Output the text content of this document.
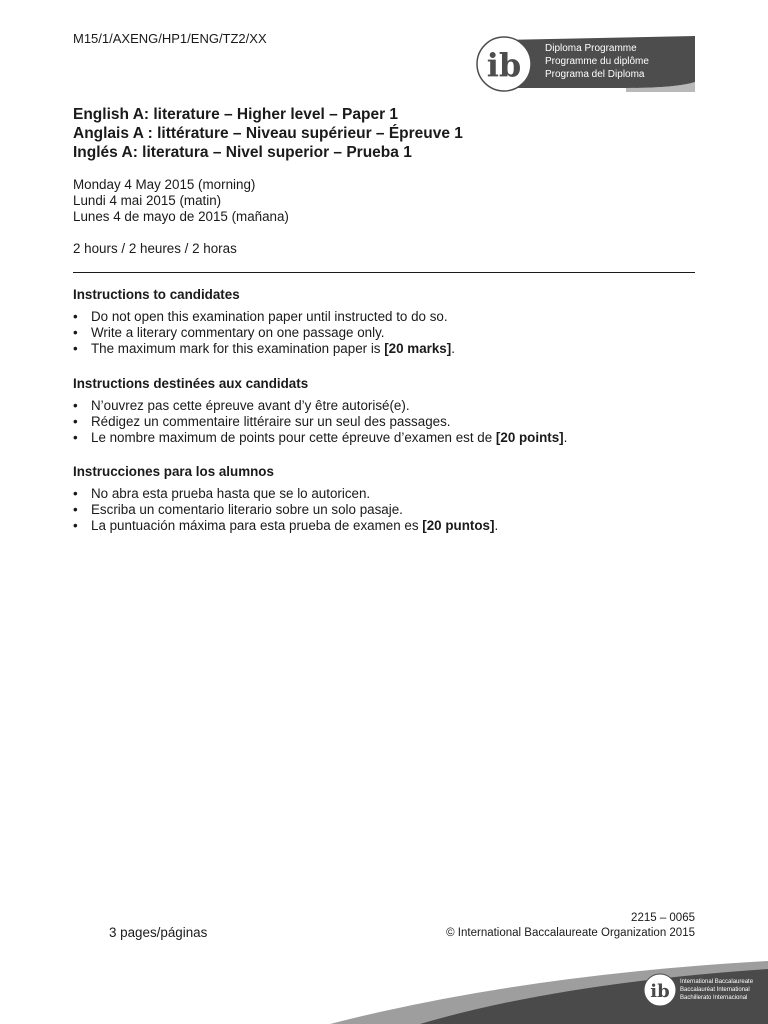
M15/1/AXENG/HP1/ENG/TZ2/XX
ib Diploma Programme
Programme du diplôme
Programa del Diploma
English A: literature – Higher level – Paper 1
Anglais A : littérature – Niveau supérieur – Épreuve 1
Inglés A: literatura – Nivel superior – Prueba 1
Monday 4 May 2015 (morning)
Lundi 4 mai 2015 (matin)
Lunes 4 de mayo de 2015 (mañana)
2 hours / 2 heures / 2 horas
Instructions to candidates
• Do not open this examination paper until instructed to do so.
• Write a literary commentary on one passage only.
• The maximum mark for this examination paper is [20 marks].
Instructions destinées aux candidats
• N’ouvrez pas cette épreuve avant d’y être autorisé(e).
• Rédigez un commentaire littéraire sur un seul des passages.
• Le nombre maximum de points pour cette épreuve d’examen est de [20 points].
Instrucciones para los alumnos
• No abra esta prueba hasta que se lo autoricen.
• Escriba un comentario literario sobre un solo pasaje.
• La puntuación máxima para esta prueba de examen es [20 puntos].
2215 – 0065
3 pages/páginas	© International Baccalaureate Organization 2015
ib International Baccalaureate
Baccalauréat International
Bachillerato Internacional
